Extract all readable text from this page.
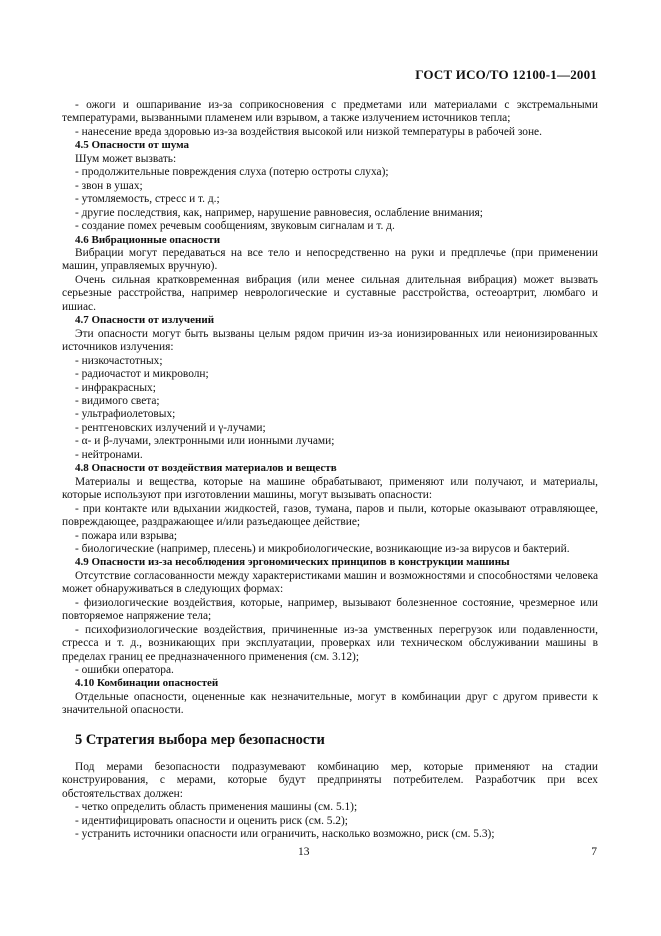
ГОСТ ИСО/ТО 12100-1—2001
- ожоги и ошпаривание из-за соприкосновения с предметами или материалами с экстремальными температурами, вызванными пламенем или взрывом, а также излучением источников тепла;
- нанесение вреда здоровью из-за воздействия высокой или низкой температуры в рабочей зоне.
4.5 Опасности от шума
Шум может вызвать:
- продолжительные повреждения слуха (потерю остроты слуха);
- звон в ушах;
- утомляемость, стресс и т. д.;
- другие последствия, как, например, нарушение равновесия, ослабление внимания;
- создание помех речевым сообщениям, звуковым сигналам и т. д.
4.6 Вибрационные опасности
Вибрации могут передаваться на все тело и непосредственно на руки и предплечье (при применении машин, управляемых вручную).
Очень сильная кратковременная вибрация (или менее сильная длительная вибрация) может вызвать серьезные расстройства, например неврологические и суставные расстройства, остеоартрит, люмбаго и ишиас.
4.7 Опасности от излучений
Эти опасности могут быть вызваны целым рядом причин из-за ионизированных или неионизированных источников излучения:
- низкочастотных;
- радиочастот и микроволн;
- инфракрасных;
- видимого света;
- ультрафиолетовых;
- рентгеновских излучений и γ-лучами;
- α- и β-лучами, электронными или ионными лучами;
- нейтронами.
4.8 Опасности от воздействия материалов и веществ
Материалы и вещества, которые на машине обрабатывают, применяют или получают, и материалы, которые используют при изготовлении машины, могут вызывать опасности:
- при контакте или вдыхании жидкостей, газов, тумана, паров и пыли, которые оказывают отравляющее, повреждающее, раздражающее и/или разъедающее действие;
- пожара или взрыва;
- биологические (например, плесень) и микробиологические, возникающие из-за вирусов и бактерий.
4.9 Опасности из-за несоблюдения эргономических принципов в конструкции машины
Отсутствие согласованности между характеристиками машин и возможностями и способностями человека может обнаруживаться в следующих формах:
- физиологические воздействия, которые, например, вызывают болезненное состояние, чрезмерное или повторяемое напряжение тела;
- психофизиологические воздействия, причиненные из-за умственных перегрузок или подавленности, стресса и т. д., возникающих при эксплуатации, проверках или техническом обслуживании машины в пределах границ ее предназначенного применения (см. 3.12);
- ошибки оператора.
4.10 Комбинации опасностей
Отдельные опасности, оцененные как незначительные, могут в комбинации друг с другом привести к значительной опасности.
5 Стратегия выбора мер безопасности
Под мерами безопасности подразумевают комбинацию мер, которые применяют на стадии конструирования, с мерами, которые будут предприняты потребителем. Разработчик при всех обстоятельствах должен:
- четко определить область применения машины (см. 5.1);
- идентифицировать опасности и оценить риск (см. 5.2);
- устранить источники опасности или ограничить, насколько возможно, риск (см. 5.3);
13	7
